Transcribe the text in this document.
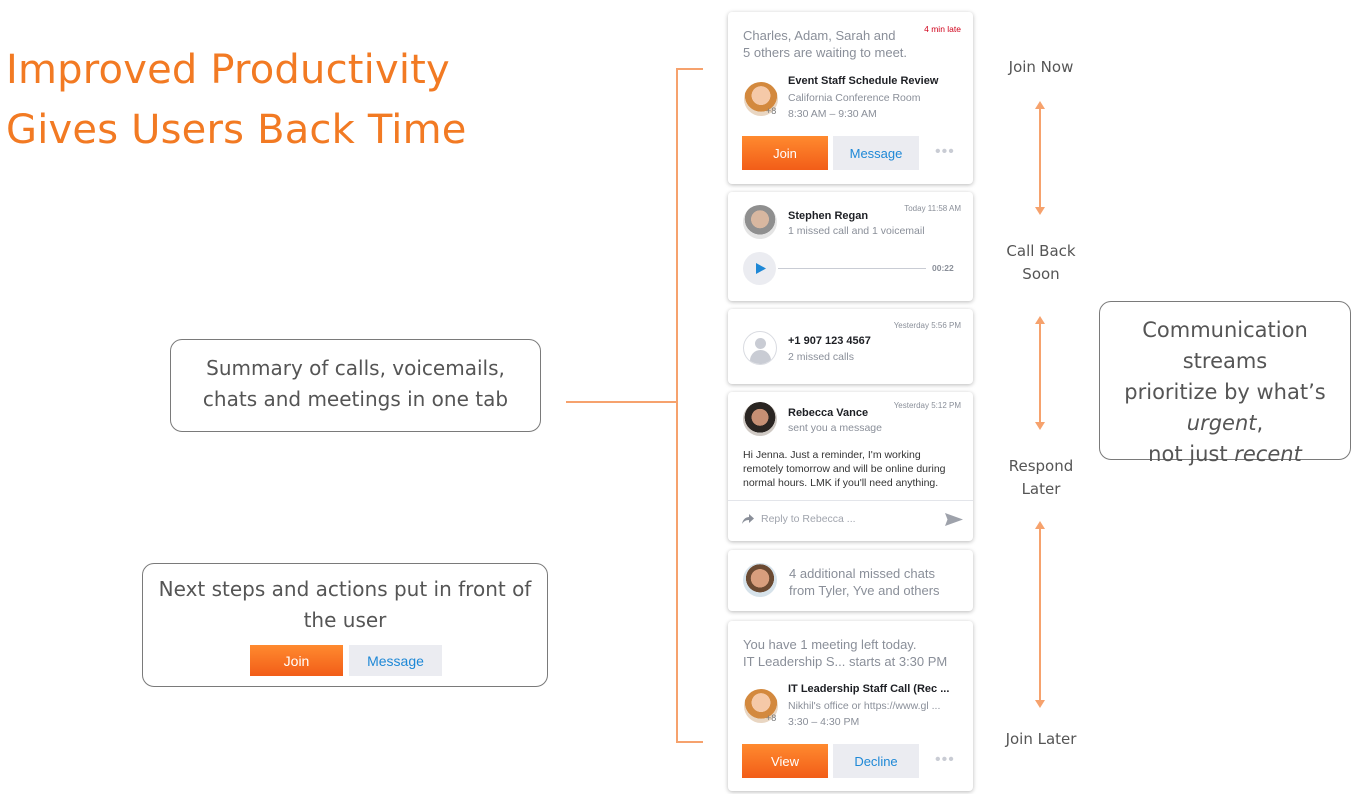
Improved Productivity
Gives Users Back Time
Summary of calls, voicemails,
chats and meetings in one tab
Next steps and actions put in front of
the user
Join	Message
Communication streams
prioritize by what’s
urgent,
not just recent
Charles, Adam, Sarah and
5 others are waiting to meet.
4 min late
+8
Event Staff Schedule Review
California Conference Room
8:30 AM – 9:30 AM
Join	Message	•••
Stephen Regan
Today 11:58 AM
1 missed call and 1 voicemail
00:22
Yesterday 5:56 PM
+1 907 123 4567
2 missed calls
Rebecca Vance
Yesterday 5:12 PM
sent you a message
Hi Jenna. Just a reminder, I'm working
remotely tomorrow and will be online during
normal hours. LMK if you'll need anything.
Reply to Rebecca ...
4 additional missed chats
from Tyler, Yve and others
You have 1 meeting left today.
IT Leadership S... starts at 3:30 PM
+8
IT Leadership Staff Call (Rec ...
Nikhil's office or https://www.gl ...
3:30 – 4:30 PM
View	Decline	•••
Join Now
Call Back
Soon
Respond
Later
Join Later
